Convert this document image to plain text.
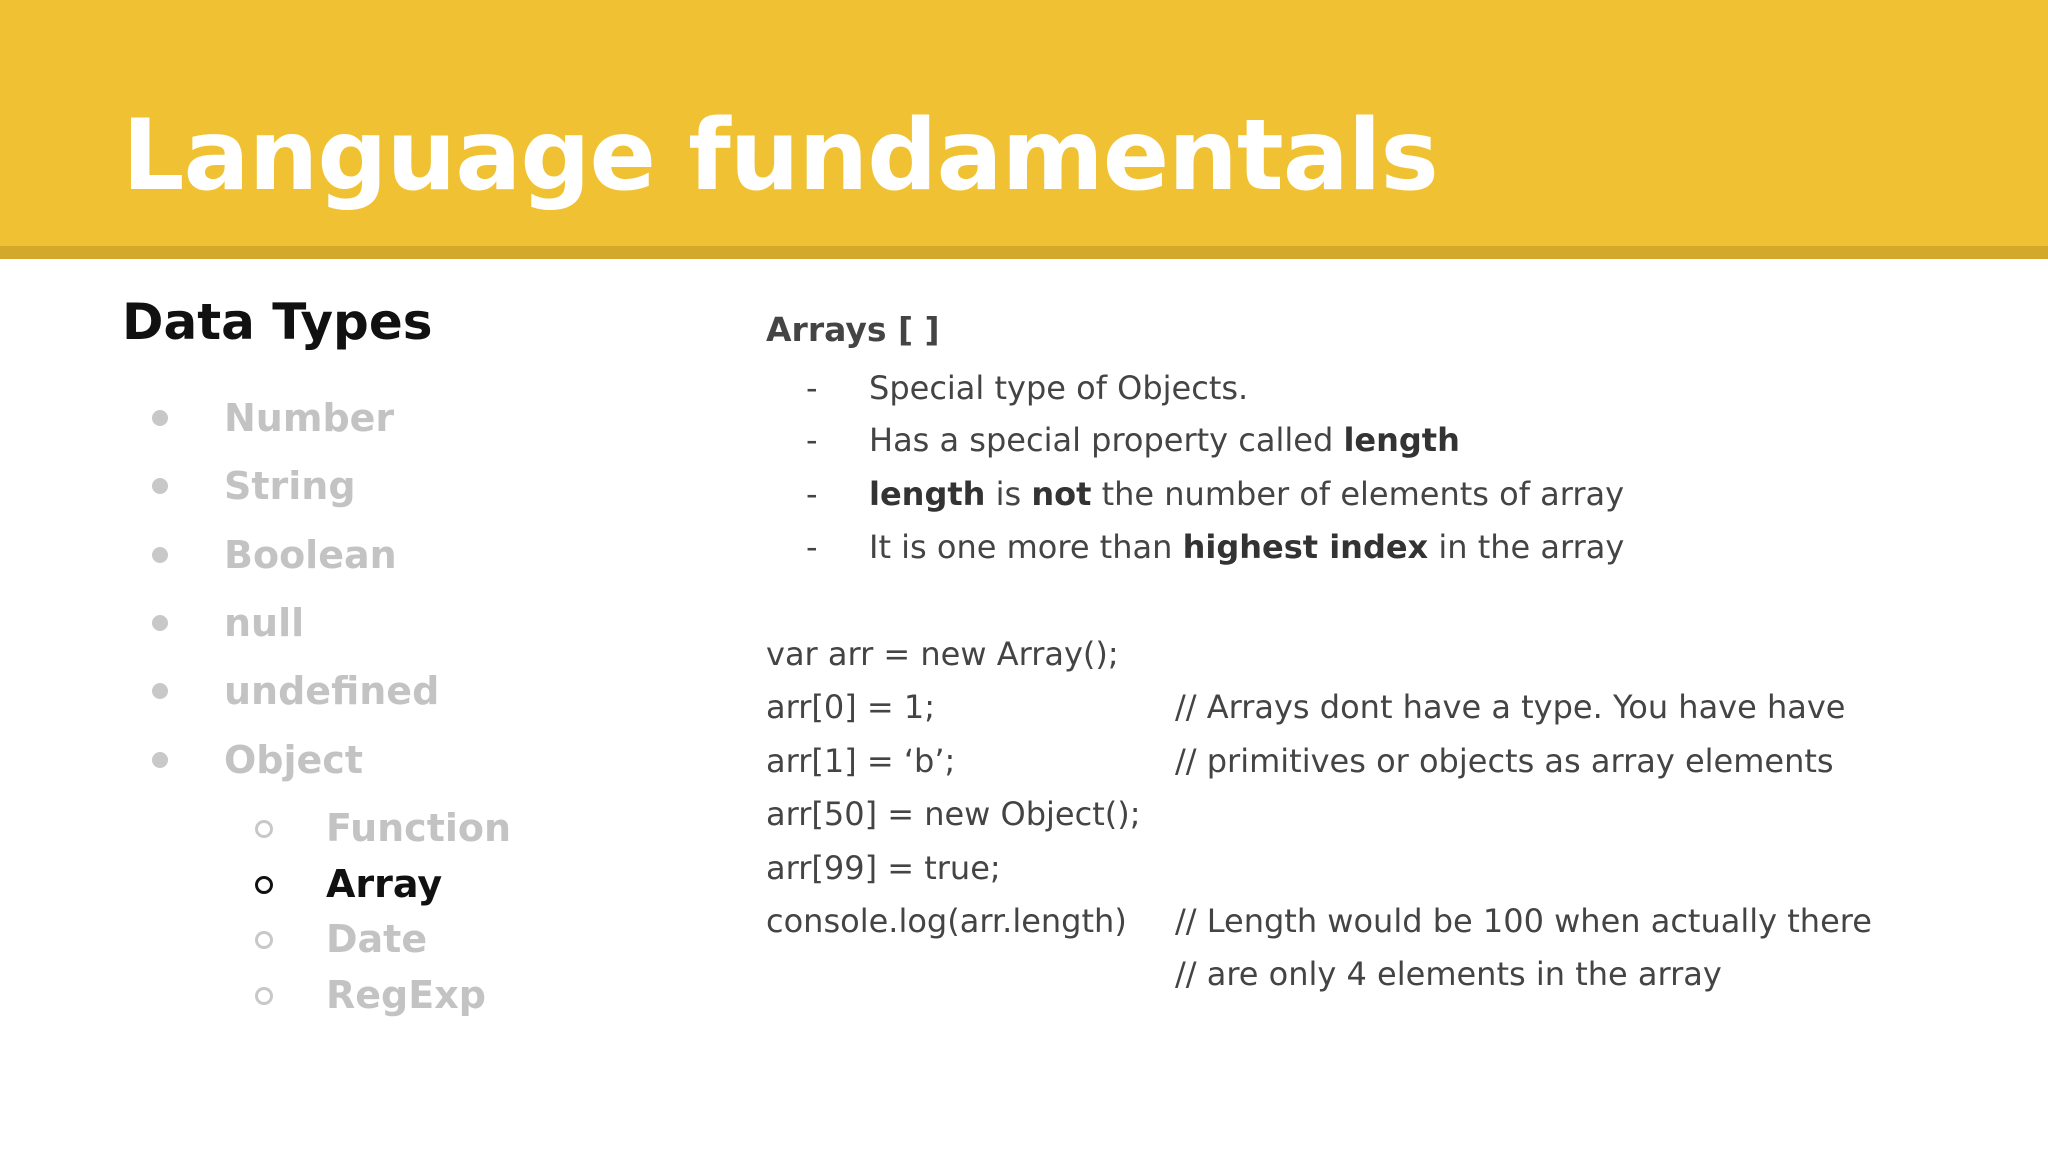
Language fundamentals
Data Types
Number
String
Boolean
null
undefined
Object
Function
Array
Date
RegExp
Arrays [ ]
- Special type of Objects.
- Has a special property called length
- length is not the number of elements of array
- It is one more than highest index in the array
var arr = new Array();
arr[0] = 1;
arr[1] = ‘b’;
arr[50] = new Object();
arr[99] = true;
console.log(arr.length)
// Arrays dont have a type. You have have
// primitives or objects as array elements
// Length would be 100 when actually there
// are only 4 elements in the array
